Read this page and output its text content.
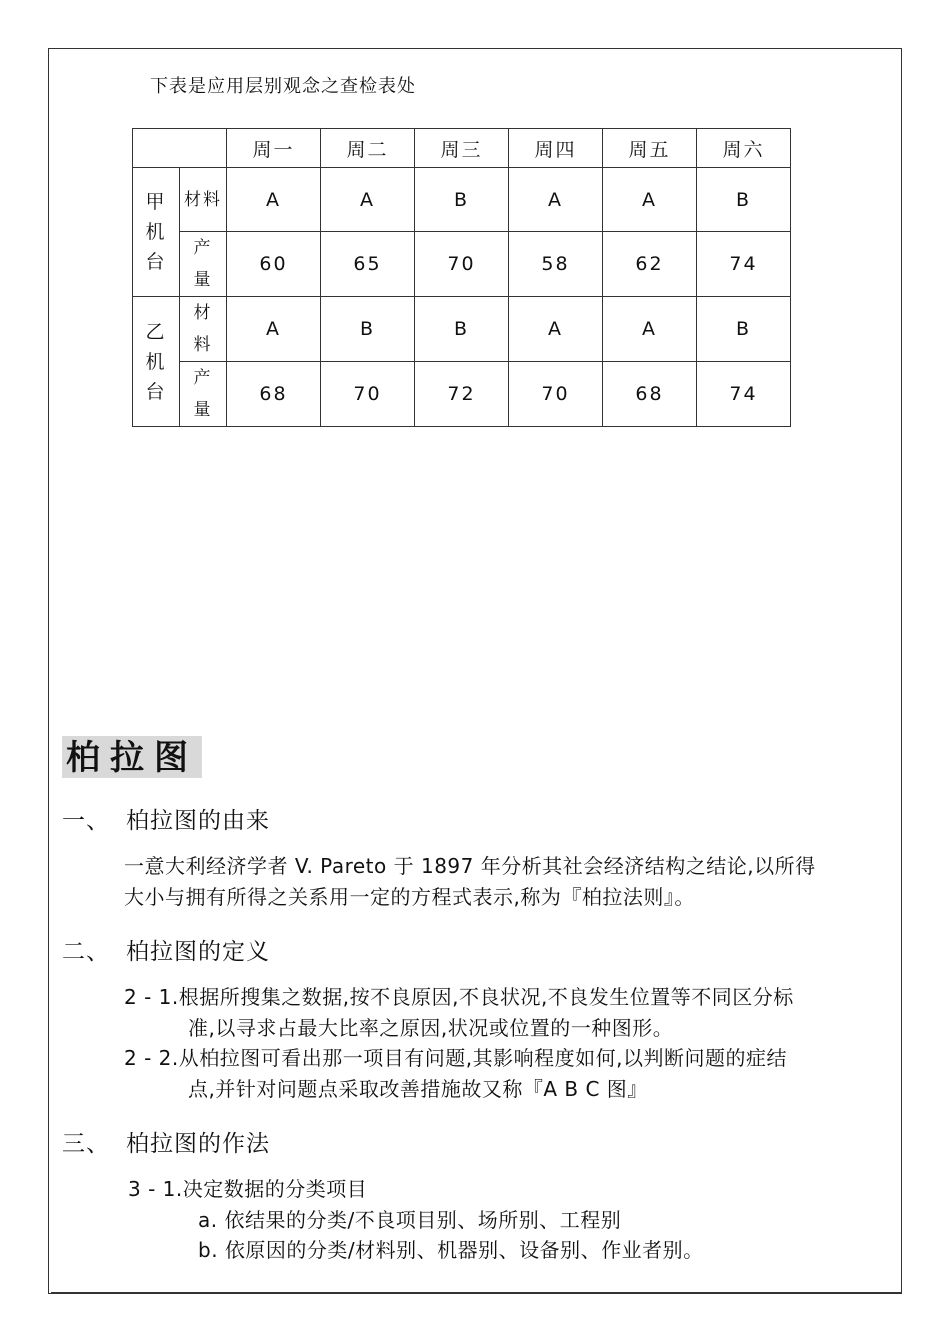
下表是应用层别观念之查检表处
		周一	周二	周三	周四	周五	周六
甲机台	材料	A	A	B	A	A	B
	产量	60	65	70	58	62	74
乙机台	材料	A	B	B	A	A	B
	产量	68	70	72	70	68	74
柏拉图
一、 柏拉图的由来
一意大利经济学者 V. Pareto 于 1897 年分析其社会经济结构之结论,以所得
大小与拥有所得之关系用一定的方程式表示,称为『柏拉法则』。
二、 柏拉图的定义
2 - 1.根据所搜集之数据,按不良原因,不良状况,不良发生位置等不同区分标
准,以寻求占最大比率之原因,状况或位置的一种图形。
2 - 2.从柏拉图可看出那一项目有问题,其影响程度如何,以判断问题的症结
点,并针对问题点采取改善措施故又称『A B C 图』
三、 柏拉图的作法
3 - 1.决定数据的分类项目
a. 依结果的分类/不良项目别、场所别、工程别
b. 依原因的分类/材料别、机器别、设备别、作业者别。
